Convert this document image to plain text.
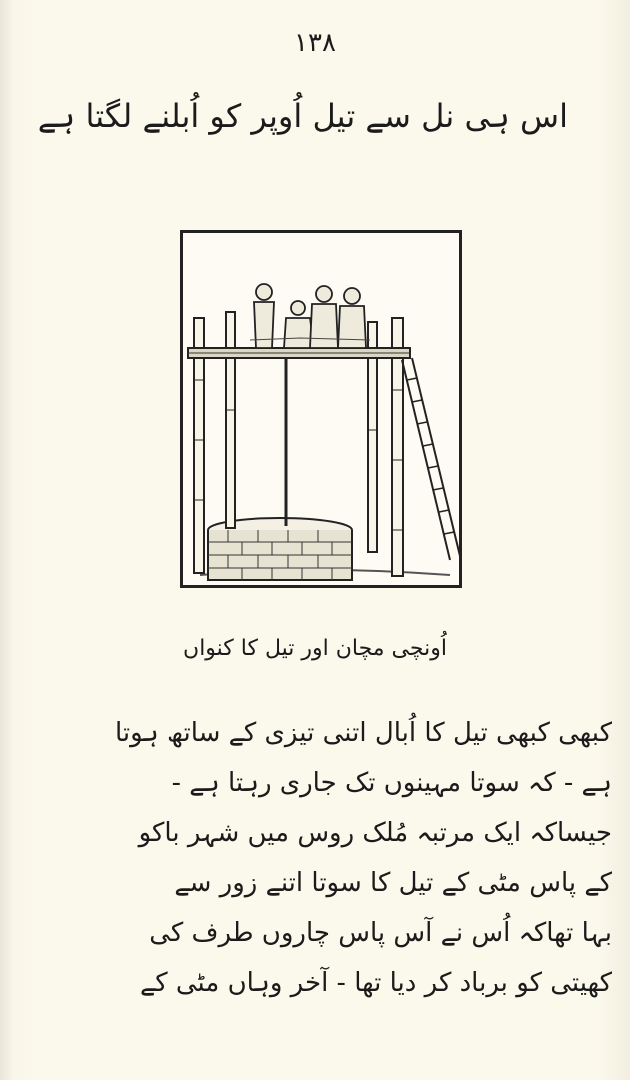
۱۳۸
اس ہی نل سے تیل اُوپر کو اُبلنے لگتا ہے
اُونچی مچان اور تیل کا کنواں
کبھی کبھی تیل کا اُبال اتنی تیزی کے ساتھ ہوتا
ہے - کہ سوتا مہینوں تک جاری رہتا ہے -
جیساکہ ایک مرتبہ مُلک روس میں شہر باکو
کے پاس مٹی کے تیل کا سوتا اتنے زور سے
بہا تھاکہ اُس نے آس پاس چاروں طرف کی
کھیتی کو برباد کر دیا تھا - آخر وہاں مٹی کے
